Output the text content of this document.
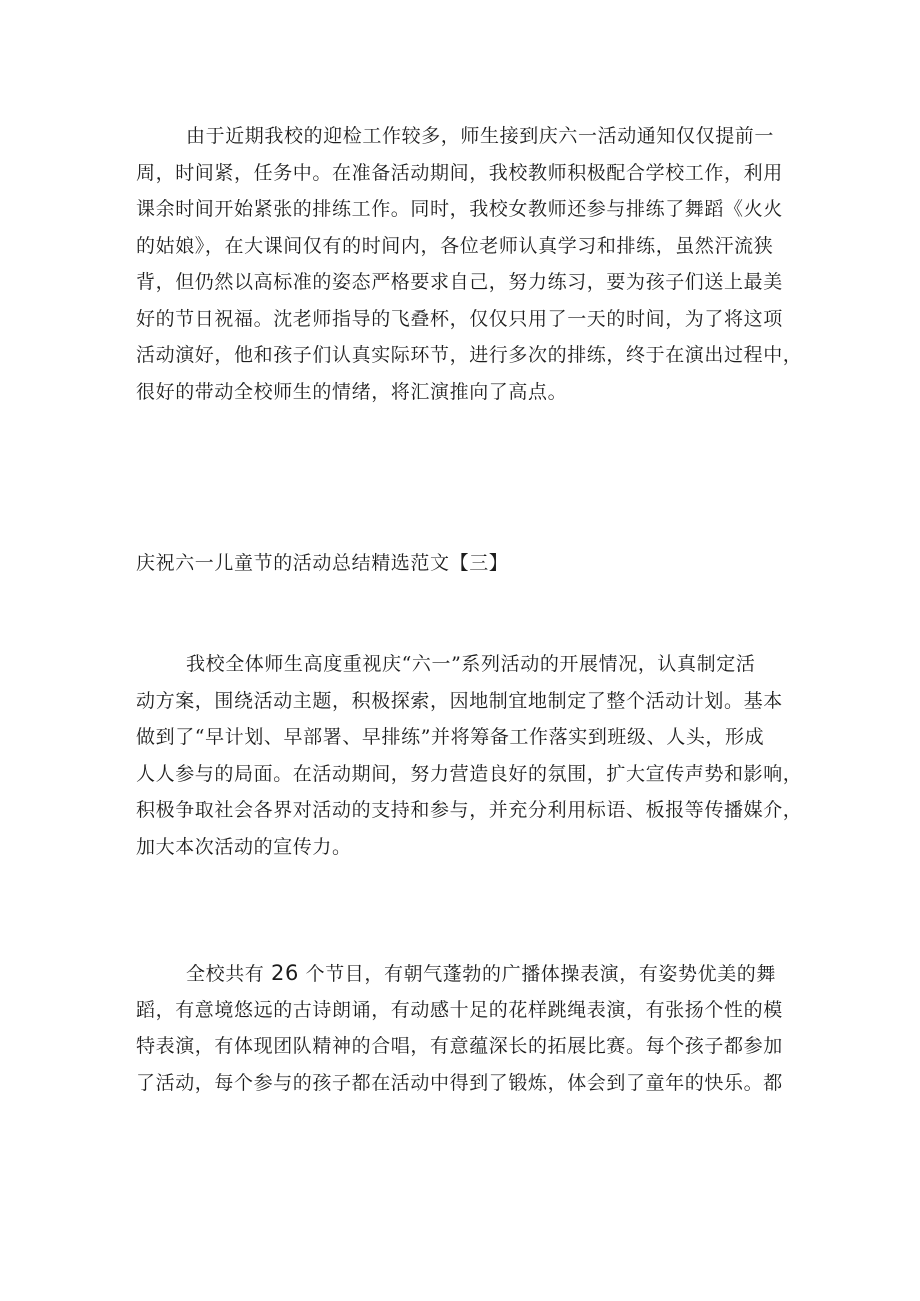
由于近期我校的迎检工作较多，师生接到庆六一活动通知仅仅提前一
周，时间紧，任务中。在准备活动期间，我校教师积极配合学校工作，利用
课余时间开始紧张的排练工作。同时，我校女教师还参与排练了舞蹈《火火
的姑娘》，在大课间仅有的时间内，各位老师认真学习和排练，虽然汗流狭
背，但仍然以高标准的姿态严格要求自己，努力练习，要为孩子们送上最美
好的节日祝福。沈老师指导的飞叠杯，仅仅只用了一天的时间，为了将这项
活动演好，他和孩子们认真实际环节，进行多次的排练，终于在演出过程中，
很好的带动全校师生的情绪，将汇演推向了高点。

庆祝六一儿童节的活动总结精选范文【三】

我校全体师生高度重视庆“六一”系列活动的开展情况，认真制定活
动方案，围绕活动主题，积极探索，因地制宜地制定了整个活动计划。基本
做到了“早计划、早部署、早排练”并将筹备工作落实到班级、人头，形成
人人参与的局面。在活动期间，努力营造良好的氛围，扩大宣传声势和影响，
积极争取社会各界对活动的支持和参与，并充分利用标语、板报等传播媒介，
加大本次活动的宣传力。

全校共有 26 个节目，有朝气蓬勃的广播体操表演，有姿势优美的舞
蹈，有意境悠远的古诗朗诵，有动感十足的花样跳绳表演，有张扬个性的模
特表演，有体现团队精神的合唱，有意蕴深长的拓展比赛。每个孩子都参加
了活动，每个参与的孩子都在活动中得到了锻炼，体会到了童年的快乐。都
